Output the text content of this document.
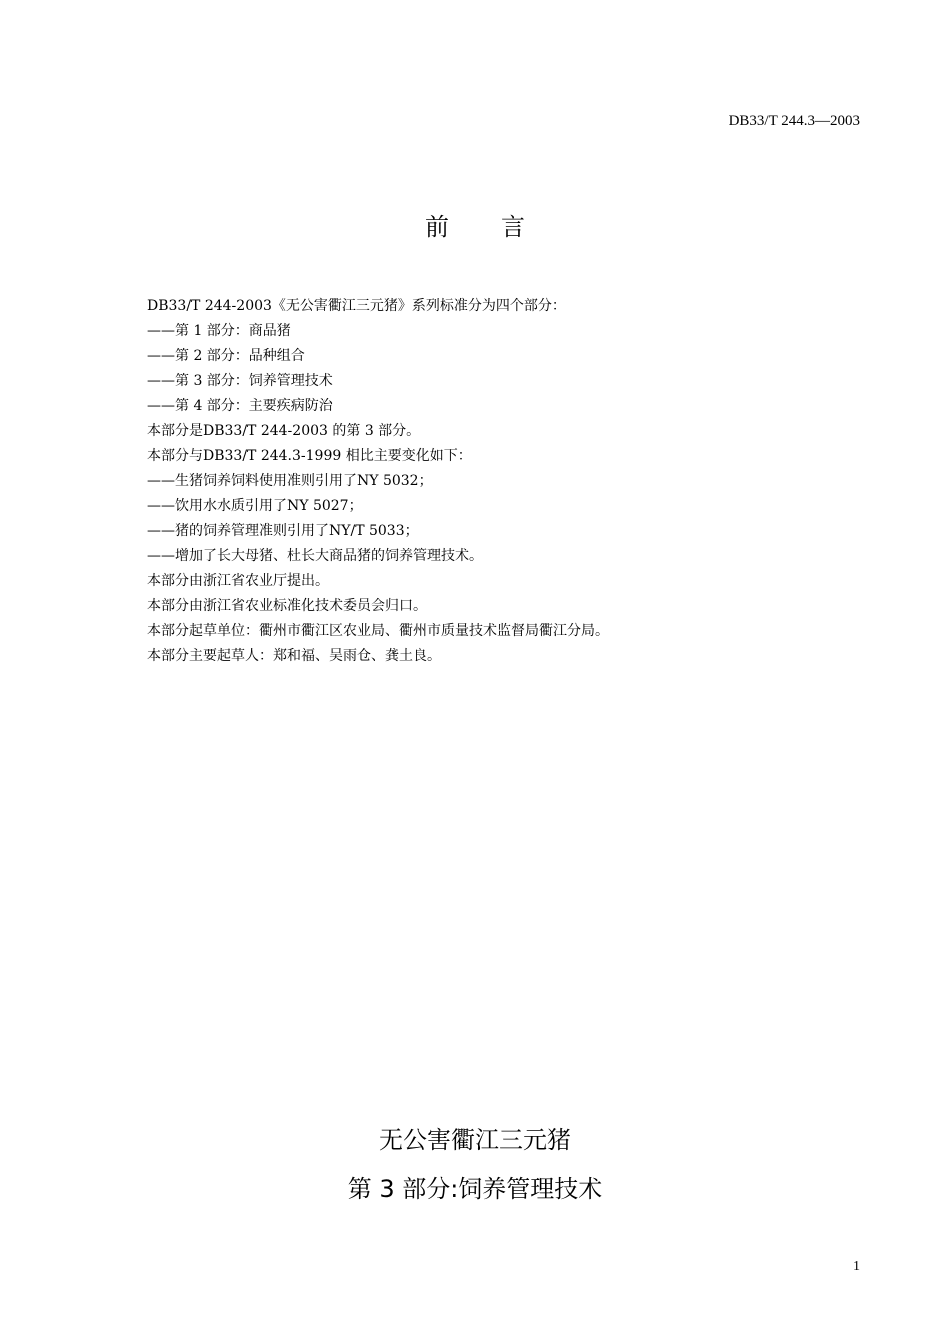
DB33/T 244.3—2003
前言
DB33/T 244-2003《无公害衢江三元猪》系列标准分为四个部分：
——第 1 部分：商品猪
——第 2 部分：品种组合
——第 3 部分：饲养管理技术
——第 4 部分：主要疾病防治
本部分是DB33/T 244-2003 的第 3 部分。
本部分与DB33/T 244.3-1999 相比主要变化如下：
——生猪饲养饲料使用准则引用了NY 5032；
——饮用水水质引用了NY 5027；
——猪的饲养管理准则引用了NY/T 5033；
——增加了长大母猪、杜长大商品猪的饲养管理技术。
本部分由浙江省农业厅提出。
本部分由浙江省农业标准化技术委员会归口。
本部分起草单位：衢州市衢江区农业局、衢州市质量技术监督局衢江分局。
本部分主要起草人：郑和福、吴雨仓、龚土良。
无公害衢江三元猪
第 3 部分:饲养管理技术
1
